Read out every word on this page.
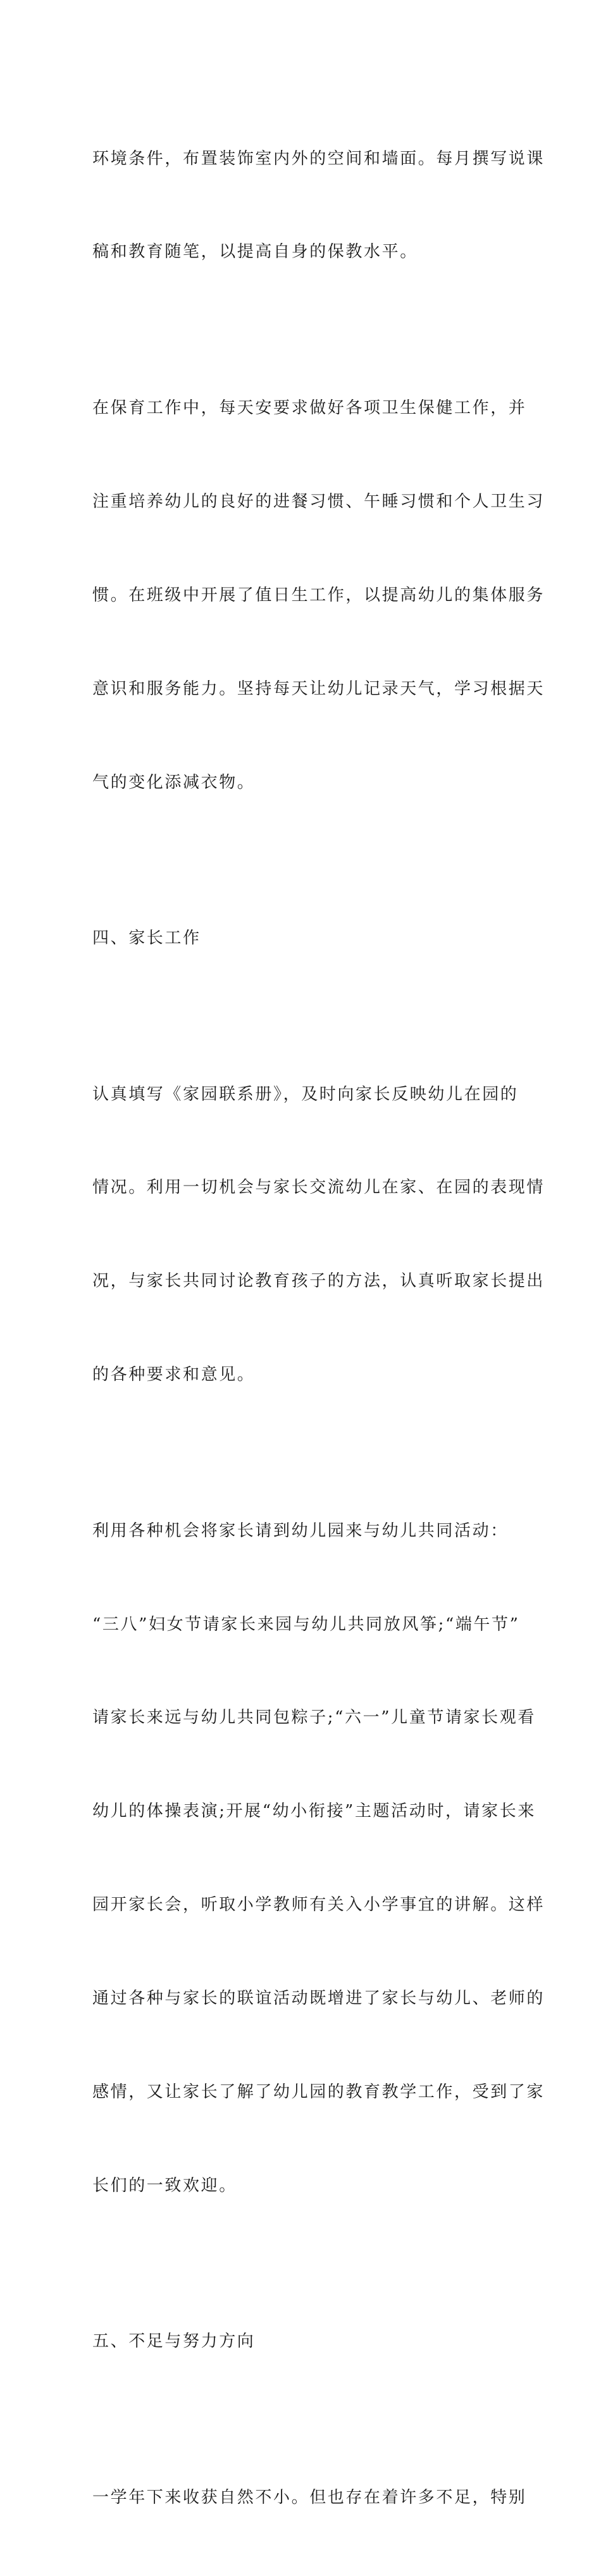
环境条件，布置装饰室内外的空间和墙面。每月撰写说课

稿和教育随笔，以提高自身的保教水平。

在保育工作中，每天安要求做好各项卫生保健工作，并

注重培养幼儿的良好的进餐习惯、午睡习惯和个人卫生习

惯。在班级中开展了值日生工作，以提高幼儿的集体服务

意识和服务能力。坚持每天让幼儿记录天气，学习根据天

气的变化添减衣物。

四、家长工作

认真填写《家园联系册》，及时向家长反映幼儿在园的

情况。利用一切机会与家长交流幼儿在家、在园的表现情

况，与家长共同讨论教育孩子的方法，认真听取家长提出

的各种要求和意见。

利用各种机会将家长请到幼儿园来与幼儿共同活动：

“三八”妇女节请家长来园与幼儿共同放风筝;“端午节”

请家长来远与幼儿共同包粽子;“六一”儿童节请家长观看

幼儿的体操表演;开展“幼小衔接”主题活动时，请家长来

园开家长会，听取小学教师有关入小学事宜的讲解。这样

通过各种与家长的联谊活动既增进了家长与幼儿、老师的

感情，又让家长了解了幼儿园的教育教学工作，受到了家

长们的一致欢迎。

五、不足与努力方向

一学年下来收获自然不小。但也存在着许多不足，特别
